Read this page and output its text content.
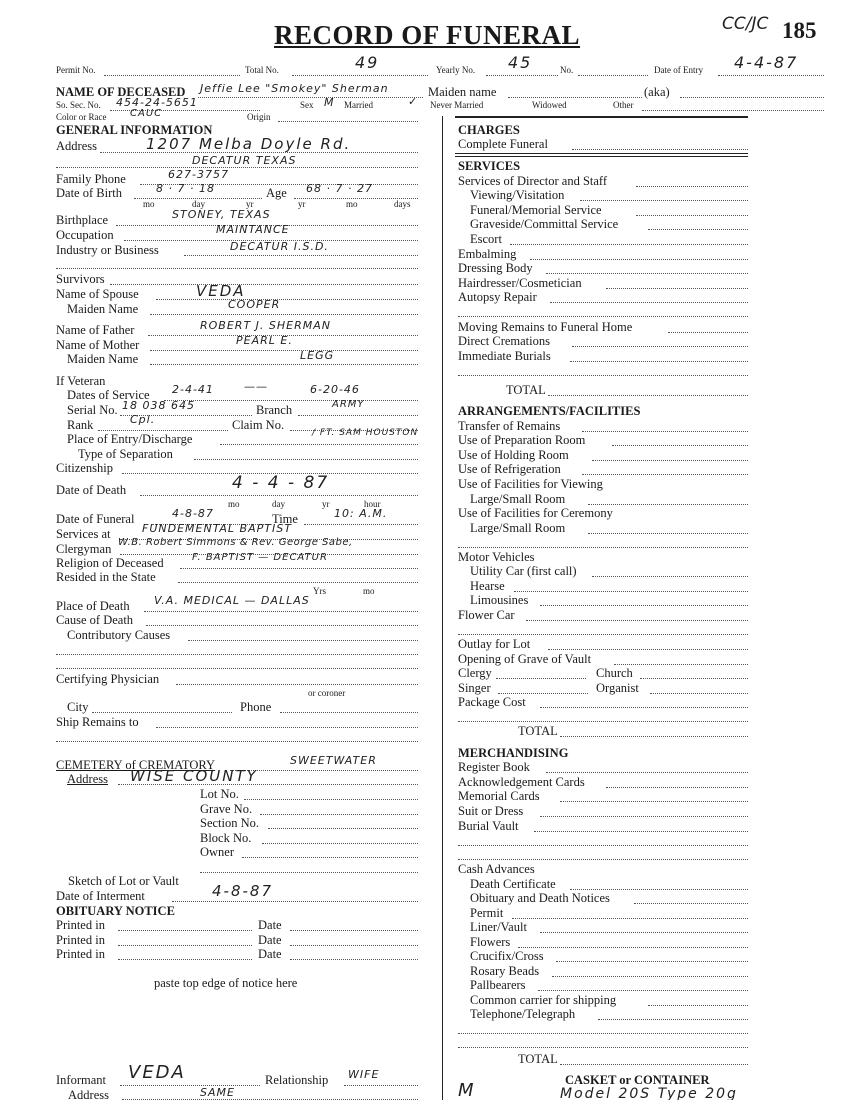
RECORD OF FUNERAL	CC/JC 185
Permit No.	Total No.	49	Yearly No. 45	No.	Date of Entry 4-4-87
NAME OF DECEASED Jeffie Lee "Smokey" Sherman	Maiden name	(aka)
So. Sec. No. 454-24-5651	Sex M Married	✓ Never Married	Widowed	Other
Color or Race CAUC	Origin
GENERAL INFORMATION
Address	1207 Melba Doyle Rd.
DECATUR TEXAS
Family Phone	627-3757
Date of Birth	8 · 7 · 18	Age 68 · 7 · 27
mo	day	yr	yr	mo	days
Birthplace	STONEY, TEXAS
Occupation	MAINTANCE
Industry or Business	DECATUR I.S.D.
Survivors
Name of Spouse	VEDA
Maiden Name	COOPER
Name of Father	ROBERT J. SHERMAN
Name of Mother	PEARL E.
Maiden Name	LEGG
If Veteran
Dates of Service 2-4-41	——	6-20-46
Serial No. 18 038 645	Branch	ARMY
Rank	Cpl.	Claim No.
Place of Entry/Discharge	/ FT. SAM HOUSTON
Type of Separation
Citizenship
Date of Death	4 - 4 - 87
mo	day	yr	hour
Date of Funeral	4-8-87	Time	10: A.M.
Services at	FUNDEMENTAL BAPTIST
Clergyman W.B. Robert Simmons & Rev. George Sabe,
Religion of Deceased	F. BAPTIST — DECATUR
Resided in the State
Yrs	mo
Place of Death V.A. MEDICAL — DALLAS
Cause of Death
Contributory Causes
Certifying Physician
or coroner
City	Phone
Ship Remains to
CEMETERY of CREMATORY	SWEETWATER
Address WISE COUNTY
Lot No.
Grave No.
Section No.
Block No.
Owner
Sketch of Lot or Vault
Date of Interment	4-8-87
OBITUARY NOTICE
Printed in	Date
Printed in	Date
Printed in	Date
paste top edge of notice here
Informant VEDA	Relationship WIFE
Address	SAME
CHARGES
Complete Funeral
SERVICES
Services of Director and Staff
Viewing/Visitation
Funeral/Memorial Service
Graveside/Committal Service
Escort
Embalming
Dressing Body
Hairdresser/Cosmetician
Autopsy Repair
Moving Remains to Funeral Home
Direct Cremations
Immediate Burials
TOTAL
ARRANGEMENTS/FACILITIES
Transfer of Remains
Use of Preparation Room
Use of Holding Room
Use of Refrigeration
Use of Facilities for Viewing
Large/Small Room
Use of Facilities for Ceremony
Large/Small Room
Motor Vehicles
Utility Car (first call)
Hearse
Limousines
Flower Car
Outlay for Lot
Opening of Grave of Vault
Clergy	Church
Singer	Organist
Package Cost
TOTAL
MERCHANDISING
Register Book
Acknowledgement Cards
Memorial Cards
Suit or Dress
Burial Vault
Cash Advances
Death Certificate
Obituary and Death Notices
Permit
Liner/Vault
Flowers
Crucifix/Cross
Rosary Beads
Pallbearers
Common carrier for shipping
Telephone/Telegraph
TOTAL
CASKET or CONTAINER
M	Model 20S Type 20g
